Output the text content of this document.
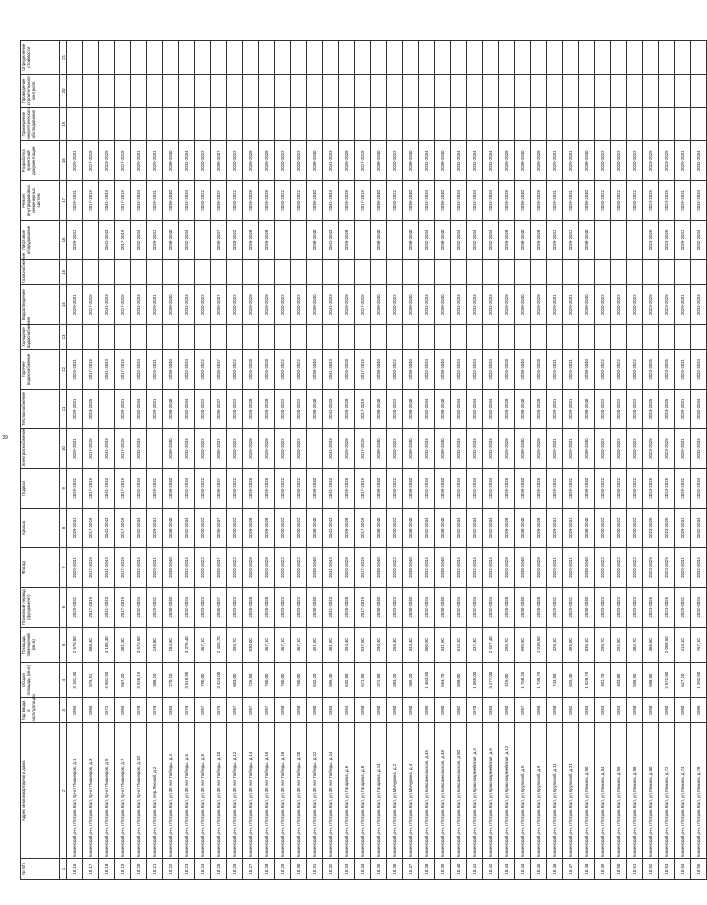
39
№ п/п	Адрес многоквартирного дома	Год ввода в эксплуатацию	Общая площадь (кв.м)	Площадь помещений (кв.м)	Плановый период (фундамент)	Фасад	Крыша	Подвал	Электроснабжение	Теплоснабжение	Горячее водоснабжение	Холодное водоснабжение	Водоотведение	Газоснабжение	Лифтовое оборудование	Ремонт внутридомовых инженерных систем	Разработка проектной документации	Проведение энергетического обследования	Проведение строительного контроля	Определение стоимости
1	2	3	4	5	6	7	8	9	10	11	12	13	14	15	16	17	18	19	20	21
10.16	Каменский р-н, г.Петров Вал, пр-кт Пионеров, д.1	1965	3 181,30	2 575,60	2029-2031	2029-2031	2029-2031	2029-2031	2029-2031	2029-2031	2029-2031		2029-2031		2029-2031	2029-2031	2029-2031			
10.17	Каменский р-н, г.Петров Вал, пр-кт Пионеров, д.3	1966	676,51	588,40	2017-2019	2017-2019	2017-2019	2017-2019	2017-2019	2023-2025	2017-2019		2017-2019			2017-2019	2017-2019			
10.18	Каменский р-н, г.Петров Вал, пр-кт Пионеров, д.5	1972	4 681,50	4 185,30	2041-2043	2041-2043	2041-2043	2041-2043	2041-2043		2041-2043		2041-2043		2041-2043	2041-2043	2023-2025			
10.19	Каменский р-н, г.Петров Вал, пр-кт Пионеров, д.7	1956	667,20	381,30	2017-2019	2017-2019	2017-2019	2017-2019	2017-2019	2029-2031	2017-2019		2017-2019		2017-2019	2017-2019	2017-2019			
10.20	Каменский р-н, г.Петров Вал, пр-кт Пионеров, д.10	1978	3 926,19	3 672,60	2032-2034	2032-2034	2032-2034	2032-2034	2032-2034	2032-2034	2032-2034		2032-2034		2032-2034	2032-2034	2029-2031			
10.21	Каменский р-н, г.Петров Вал, пер.Лесной, д.2	1976	388,10	246,80	2029-2031	2029-2031	2029-2031	2029-2031		2029-2031	2029-2031		2029-2031		2029-2031	2029-2031	2029-2031			
10.22	Каменский р-н, г.Петров Вал, ул.30 лет Победы, д.4	1983	270,10	184,50	2038-2040	2038-2040	2038-2040	2038-2040	2038-2040	2038-2040	2038-2040		2038-2040		2038-2040	2038-2040	2038-2040			
10.23	Каменский р-н, г.Петров Вал, ул.30 лет Победы, д.6	1976	3 616,50	3 376,40	2032-2034	2032-2034	2032-2034	2032-2034	2032-2034	2032-2034	2032-2034		2032-2034		2032-2034	2032-2034	2032-2034			
10.24	Каменский р-н, г.Петров Вал, ул.30 лет Победы, д.8	1957	790,00	467,10	2020-2022	2020-2022	2020-2022	2020-2022	2020-2022	2020-2022	2020-2022		2020-2022			2020-2022	2020-2022			
10.25	Каменский р-н, г.Петров Вал, ул.30 лет Победы, д.10	1975	3 424,00	2 425,70	2035-2037	2035-2037	2035-2037	2035-2037	2035-2037	2035-2037	2035-2037		2035-2037		2035-2037	2035-2037	2035-2037			
10.26	Каменский р-н, г.Петров Вал, ул.30 лет Победы, д.12	1967	603,00	396,70	2020-2022	2020-2022	2020-2022	2020-2022	2020-2022	2020-2022	2020-2022		2020-2022		2020-2022	2020-2022	2020-2022			
10.27	Каменский р-н, г.Петров Вал, ул.30 лет Победы, д.14	1967	725,50	530,00	2026-2028	2026-2028	2026-2028	2026-2028	2026-2028	2026-2028	2026-2028		2026-2028		2026-2028	2026-2028	2026-2028			
10.28	Каменский р-н, г.Петров Вал, ул.30 лет Победы, д.16	1957	760,00	467,10	2026-2028	2026-2028	2026-2028	2026-2028	2026-2028	2026-2028	2026-2028		2026-2028		2026-2028	2026-2028	2026-2028			
10.29	Каменский р-н, г.Петров Вал, ул.30 лет Победы, д.18	1958	760,00	467,10	2020-2022	2020-2022	2020-2022	2020-2022	2020-2022	2020-2022	2020-2022		2020-2022			2020-2022	2020-2022			
10.30	Каменский р-н, г.Петров Вал, ул.30 лет Победы, д.20	1958	760,00	467,10	2020-2022	2020-2022	2020-2022	2020-2022	2020-2022	2020-2022	2020-2022		2020-2022			2020-2022	2020-2022			
10.31	Каменский р-н, г.Петров Вал, ул.30 лет Победы, д.22	1980	842,20	491,90	2038-2040	2038-2040	2038-2040	2038-2040		2038-2040	2038-2040		2038-2040		2038-2040	2038-2040	2038-2040			
10.32	Каменский р-н, г.Петров Вал, ул.30 лет Победы, д.24	1983	665,40	461,90	2041-2043	2041-2043	2041-2043	2041-2043	2041-2043	2041-2043	2041-2043		2041-2043		2041-2043	2041-2043	2041-2043			
10.33	Каменский р-н, г.Петров Вал, ул.Гагарина, д.6	1954	632,60	394,40	2026-2028	2026-2028	2026-2028	2026-2028	2026-2028	2026-2028	2026-2028		2026-2028		2026-2028	2026-2028	2026-2028			
10.34	Каменский р-н, г.Петров Вал, ул.Гагарина, д.8	1958	671,90	537,50	2017-2019	2017-2019	2017-2019	2017-2019	2017-2019	2017-2019	2017-2019		2017-2019			2017-2019	2017-2019			
10.35	Каменский р-н, г.Петров Вал, ул.Гагарина, д.14	1990	372,60	290,40	2038-2040	2038-2040	2038-2040	2038-2040	2038-2040	2038-2040	2038-2040		2038-2040		2038-2040	2038-2040	2038-2040			
10.36	Каменский р-н, г.Петров Вал, ул.Мичурина, д.2	1960	383,20	266,30	2020-2022	2020-2022	2020-2022	2020-2022	2020-2022	2020-2022	2020-2022		2020-2022			2020-2022	2020-2022			
10.37	Каменский р-н, г.Петров Вал, ул.Мичурина, д.4	1990	369,20	343,40	2038-2040	2038-2040	2038-2040	2038-2040	2038-2040	2038-2040	2038-2040		2038-2040		2038-2040	2038-2040	2038-2040			
10.38	Каменский р-н, г.Петров Вал, ул.Комсомольская, д.45	1985	1 483,50	500,50	2032-2034	2032-2034	2032-2034	2032-2034	2032-2034	2032-2034	2032-2034		2032-2034		2032-2034	2032-2034	2032-2034			
10.39	Каменский р-н, г.Петров Вал, ул.Комсомольская, д.48	1980	564,70	341,50	2038-2040	2038-2040	2038-2040	2038-2040	2038-2040	2038-2040	2038-2040		2038-2040		2038-2040	2038-2040	2038-2040			
10.40	Каменский р-н, г.Петров Вал, ул.Комсомольская, д.50	1982	858,00	512,10	2032-2034	2032-2034	2032-2034	2032-2034	2032-2034	2032-2034	2032-2034		2032-2034		2032-2034	2032-2034	2032-2034			
10.41	Каменский р-н, г.Петров Вал, ул.Красноармейская, д.4	1970	1 065,00	437,40	2032-2034	2032-2034	2032-2034	2032-2034	2032-2034	2032-2034	2032-2034		2032-2034		2032-2034	2032-2034	2032-2034			
10.42	Каменский р-н, г.Петров Вал, ул.Красноармейская, д.6	1983	3 277,00	2 927,40	2032-2034	2032-2034	2032-2034	2032-2034	2032-2034	2032-2034	2032-2034		2032-2034		2032-2034	2032-2034	2032-2034			
10.43	Каменский р-н, г.Петров Вал, ул.Красноармейская, д.12	1960	415,00	265,70	2026-2028	2026-2028	2026-2028	2026-2028	2026-2028	2026-2028	2026-2028		2026-2028		2026-2028	2026-2028	2026-2028			
10.44	Каменский р-н, г.Петров Вал, ул.Крупской, д.5	1967	1 758,20	990,50	2038-2040	2038-2040	2038-2040	2038-2040	2038-2040	2038-2040	2038-2040		2038-2040		2038-2040	2038-2040	2038-2040			
10.45	Каменский р-н, г.Петров Вал, ул.Крупской, д.9	1968	1 735,70	1 016,50	2026-2028	2026-2028	2026-2028	2026-2028	2026-2028	2026-2028	2026-2028		2026-2028		2026-2028	2026-2028	2026-2028			
10.46	Каменский р-н, г.Петров Вал, ул.Крупской, д.11	1958	743,50	426,10	2029-2031	2029-2031	2029-2031	2029-2031	2029-2031	2029-2031	2029-2031		2029-2031		2029-2031	2029-2031	2029-2031			
10.47	Каменский р-н, г.Петров Вал, ул.Крупской, д.21	1962	625,40	455,00	2029-2031	2029-2031	2029-2031	2029-2031	2029-2031	2029-2031	2029-2031		2029-2031		2029-2031	2029-2031	2029-2031			
10.48	Каменский р-н, г.Петров Вал, ул.Ленина, д.50	1983	1 528,70	835,10	2038-2040	2038-2040	2038-2040	2038-2040	2038-2040	2038-2040	2038-2040		2038-2040		2038-2040	2038-2040	2038-2040			
10.49	Каменский р-н, г.Петров Вал, ул.Ленина, д.54	1953	401,70	290,70	2020-2022	2020-2022	2020-2022	2020-2022	2020-2022	2020-2022	2020-2022		2020-2022			2020-2022	2020-2022			
10.50	Каменский р-н, г.Петров Вал, ул.Ленина, д.56	1953	403,80	292,50	2020-2022	2020-2022	2020-2022	2020-2022	2020-2022	2020-2022	2020-2022		2020-2022			2020-2022	2020-2022			
10.51	Каменский р-н, г.Петров Вал, ул.Ленина, д.58	1958	558,90	382,70	2020-2022	2020-2022	2020-2022	2020-2022	2020-2022	2020-2022	2020-2022		2020-2022			2020-2022	2020-2022			
10.52	Каменский р-н, г.Петров Вал, ул.Ленина, д.60	1958	668,60	366,60	2023-2025	2023-2025	2023-2025	2023-2025	2023-2025	2023-2025	2023-2025		2023-2025		2023-2025	2023-2025	2023-2025			
10.53	Каменский р-н, г.Петров Вал, ул.Ленина, д.72	1960	2 672,80	2 058,50	2023-2025	2023-2025	2023-2025	2023-2025	2023-2025	2023-2025	2023-2025		2023-2025		2023-2025	2023-2025	2023-2025			
10.54	Каменский р-н, г.Петров Вал, ул.Ленина, д.74	1960	627,10	413,10	2029-2031	2029-2031	2029-2031	2029-2031	2029-2031	2029-2031	2029-2031		2029-2031		2029-2031	2029-2031	2029-2031			
10.55	Каменский р-н, г.Петров Вал, ул.Ленина, д.78	1986	1 262,90	767,10	2032-2034	2032-2034	2032-2034	2032-2034	2032-2034	2032-2034	2032-2034		2032-2034		2032-2034	2032-2034	2032-2034			
